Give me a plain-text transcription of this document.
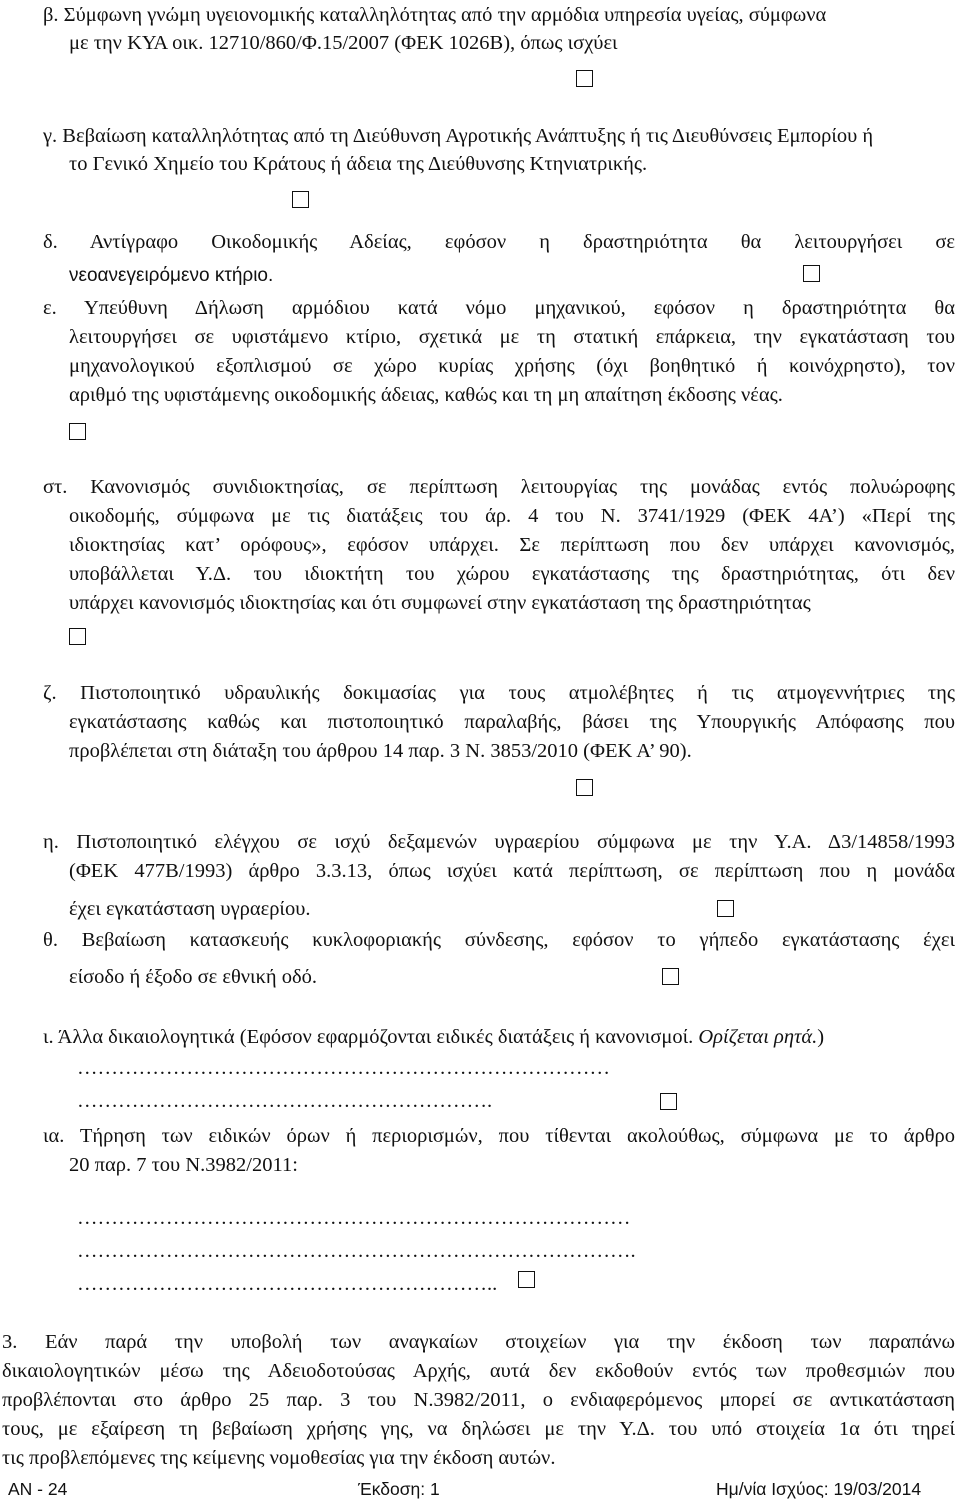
β. Σύμφωνη γνώμη υγειονομικής καταλληλότητας από την αρμόδια υπηρεσία υγείας, σύμφωνα
με την ΚΥΑ οικ. 12710/860/Φ.15/2007 (ΦΕΚ 1026Β), όπως ισχύει
γ. Βεβαίωση καταλληλότητας από τη Διεύθυνση Αγροτικής Ανάπτυξης ή τις Διευθύνσεις Εμπορίου ή
το Γενικό Χημείο του Κράτους ή άδεια της Διεύθυνσης Κτηνιατρικής.
δ. Αντίγραφο Οικοδομικής Αδείας, εφόσον η δραστηριότητα θα λειτουργήσει σε
νεοανεγειρόμενο κτήριο.
ε. Υπεύθυνη Δήλωση αρμόδιου κατά νόμο μηχανικού, εφόσον η δραστηριότητα θα
λειτουργήσει σε υφιστάμενο κτίριο, σχετικά με τη στατική επάρκεια, την εγκατάσταση του
μηχανολογικού εξοπλισμού σε χώρο κυρίας χρήσης (όχι βοηθητικό ή κοινόχρηστο), τον
αριθμό της υφιστάμενης οικοδομικής άδειας, καθώς και τη μη απαίτηση έκδοσης νέας.
στ. Κανονισμός συνιδιοκτησίας, σε περίπτωση λειτουργίας της μονάδας εντός πολυώροφης
οικοδομής, σύμφωνα με τις διατάξεις του άρ. 4 του Ν. 3741/1929 (ΦΕΚ 4Α’) «Περί της
ιδιοκτησίας κατ’ ορόφους», εφόσον υπάρχει. Σε περίπτωση που δεν υπάρχει κανονισμός,
υποβάλλεται Υ.Δ. του ιδιοκτήτη του χώρου εγκατάστασης της δραστηριότητας, ότι δεν
υπάρχει κανονισμός ιδιοκτησίας και ότι συμφωνεί στην εγκατάσταση της δραστηριότητας
ζ. Πιστοποιητικό υδραυλικής δοκιμασίας για τους ατμολέβητες ή τις ατμογεννήτριες της
εγκατάστασης καθώς και πιστοποιητικό παραλαβής, βάσει της Υπουργικής Απόφασης που
προβλέπεται στη διάταξη του άρθρου 14 παρ. 3 Ν. 3853/2010 (ΦΕΚ Α’ 90).
η. Πιστοποιητικό ελέγχου σε ισχύ δεξαμενών υγραερίου σύμφωνα με την Υ.Α. Δ3/14858/1993
(ΦΕΚ 477Β/1993) άρθρο 3.3.13, όπως ισχύει κατά περίπτωση, σε περίπτωση που η μονάδα
έχει εγκατάσταση υγραερίου.
θ. Βεβαίωση κατασκευής κυκλοφοριακής σύνδεσης, εφόσον το γήπεδο εγκατάστασης έχει
είσοδο ή έξοδο σε εθνική οδό.
ι. Άλλα δικαιολογητικά (Εφόσον εφαρμόζονται ειδικές διατάξεις ή κανονισμοί. Ορίζεται ρητά.)
……………………………………………………………………
…………………………………………………….
ια. Τήρηση των ειδικών όρων ή περιορισμών, που τίθενται ακολούθως, σύμφωνα με το άρθρο
20 παρ. 7 του Ν.3982/2011:
………………………………………………………………………
……………………………………………………………………….
……………………………………………………..
3. Εάν παρά την υποβολή των αναγκαίων στοιχείων για την έκδοση των παραπάνω
δικαιολογητικών μέσω της Αδειοδοτούσας Αρχής, αυτά δεν εκδοθούν εντός των προθεσμιών που
προβλέπονται στο άρθρο 25 παρ. 3 του Ν.3982/2011, ο ενδιαφερόμενος μπορεί σε αντικατάσταση
τους, με εξαίρεση τη βεβαίωση χρήσης γης, να δηλώσει με την Υ.Δ. του υπό στοιχεία 1α ότι τηρεί
τις προβλεπόμενες της κείμενης νομοθεσίας για την έκδοση αυτών.
ΑΝ - 24	Έκδοση: 1	Ημ/νία Ισχύος: 19/03/2014
